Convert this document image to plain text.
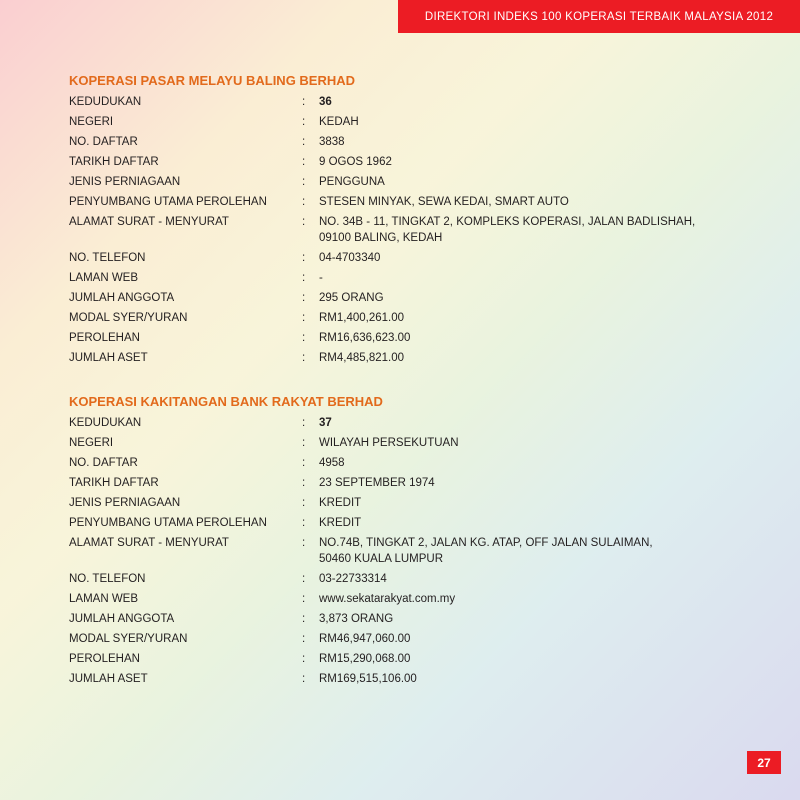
DIREKTORI INDEKS 100 KOPERASI TERBAIK MALAYSIA 2012
KOPERASI PASAR MELAYU BALING BERHAD
KEDUDUKAN	:	36
NEGERI	:	KEDAH
NO. DAFTAR	:	3838
TARIKH DAFTAR	:	9 OGOS 1962
JENIS PERNIAGAAN	:	PENGGUNA
PENYUMBANG UTAMA PEROLEHAN	:	STESEN MINYAK, SEWA KEDAI, SMART AUTO
ALAMAT SURAT - MENYURAT	:	NO. 34B - 11, TINGKAT 2, KOMPLEKS KOPERASI, JALAN BADLISHAH,
09100 BALING, KEDAH
NO. TELEFON	:	04-4703340
LAMAN WEB	:	-
JUMLAH ANGGOTA	:	295 ORANG
MODAL SYER/YURAN	:	RM1,400,261.00
PEROLEHAN	:	RM16,636,623.00
JUMLAH ASET	:	RM4,485,821.00
KOPERASI KAKITANGAN BANK RAKYAT BERHAD
KEDUDUKAN	:	37
NEGERI	:	WILAYAH PERSEKUTUAN
NO. DAFTAR	:	4958
TARIKH DAFTAR	:	23 SEPTEMBER 1974
JENIS PERNIAGAAN	:	KREDIT
PENYUMBANG UTAMA PEROLEHAN	:	KREDIT
ALAMAT SURAT - MENYURAT	:	NO.74B, TINGKAT 2, JALAN KG. ATAP, OFF JALAN SULAIMAN,
50460 KUALA LUMPUR
NO. TELEFON	:	03-22733314
LAMAN WEB	:	www.sekatarakyat.com.my
JUMLAH ANGGOTA	:	3,873 ORANG
MODAL SYER/YURAN	:	RM46,947,060.00
PEROLEHAN	:	RM15,290,068.00
JUMLAH ASET	:	RM169,515,106.00
27
